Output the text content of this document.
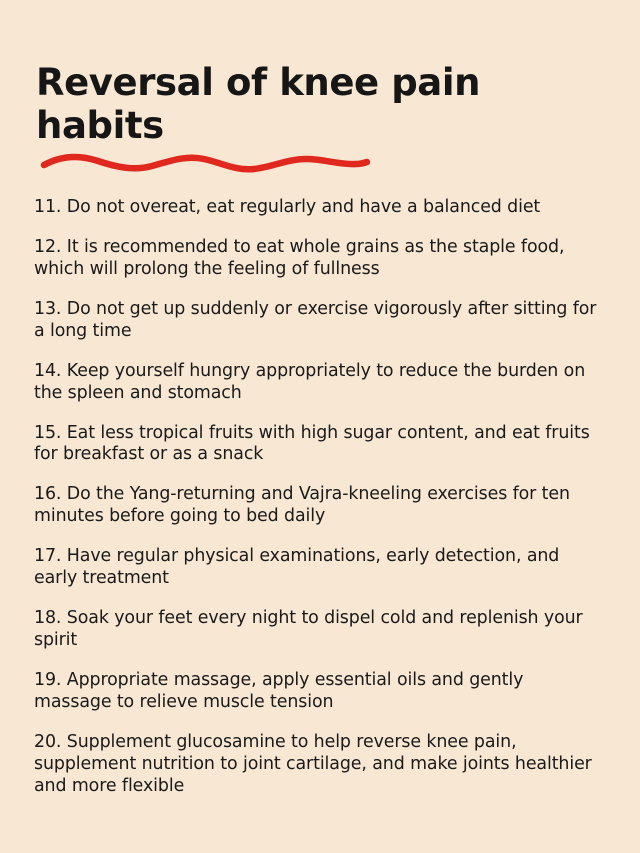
Reversal of knee pain habits

11. Do not overeat, eat regularly and have a balanced diet

12. It is recommended to eat whole grains as the staple food, which will prolong the feeling of fullness

13. Do not get up suddenly or exercise vigorously after sitting for a long time

14. Keep yourself hungry appropriately to reduce the burden on the spleen and stomach

15. Eat less tropical fruits with high sugar content, and eat fruits for breakfast or as a snack

16. Do the Yang-returning and Vajra-kneeling exercises for ten minutes before going to bed daily

17. Have regular physical examinations, early detection, and early treatment

18. Soak your feet every night to dispel cold and replenish your spirit

19. Appropriate massage, apply essential oils and gently massage to relieve muscle tension

20. Supplement glucosamine to help reverse knee pain, supplement nutrition to joint cartilage, and make joints healthier and more flexible
